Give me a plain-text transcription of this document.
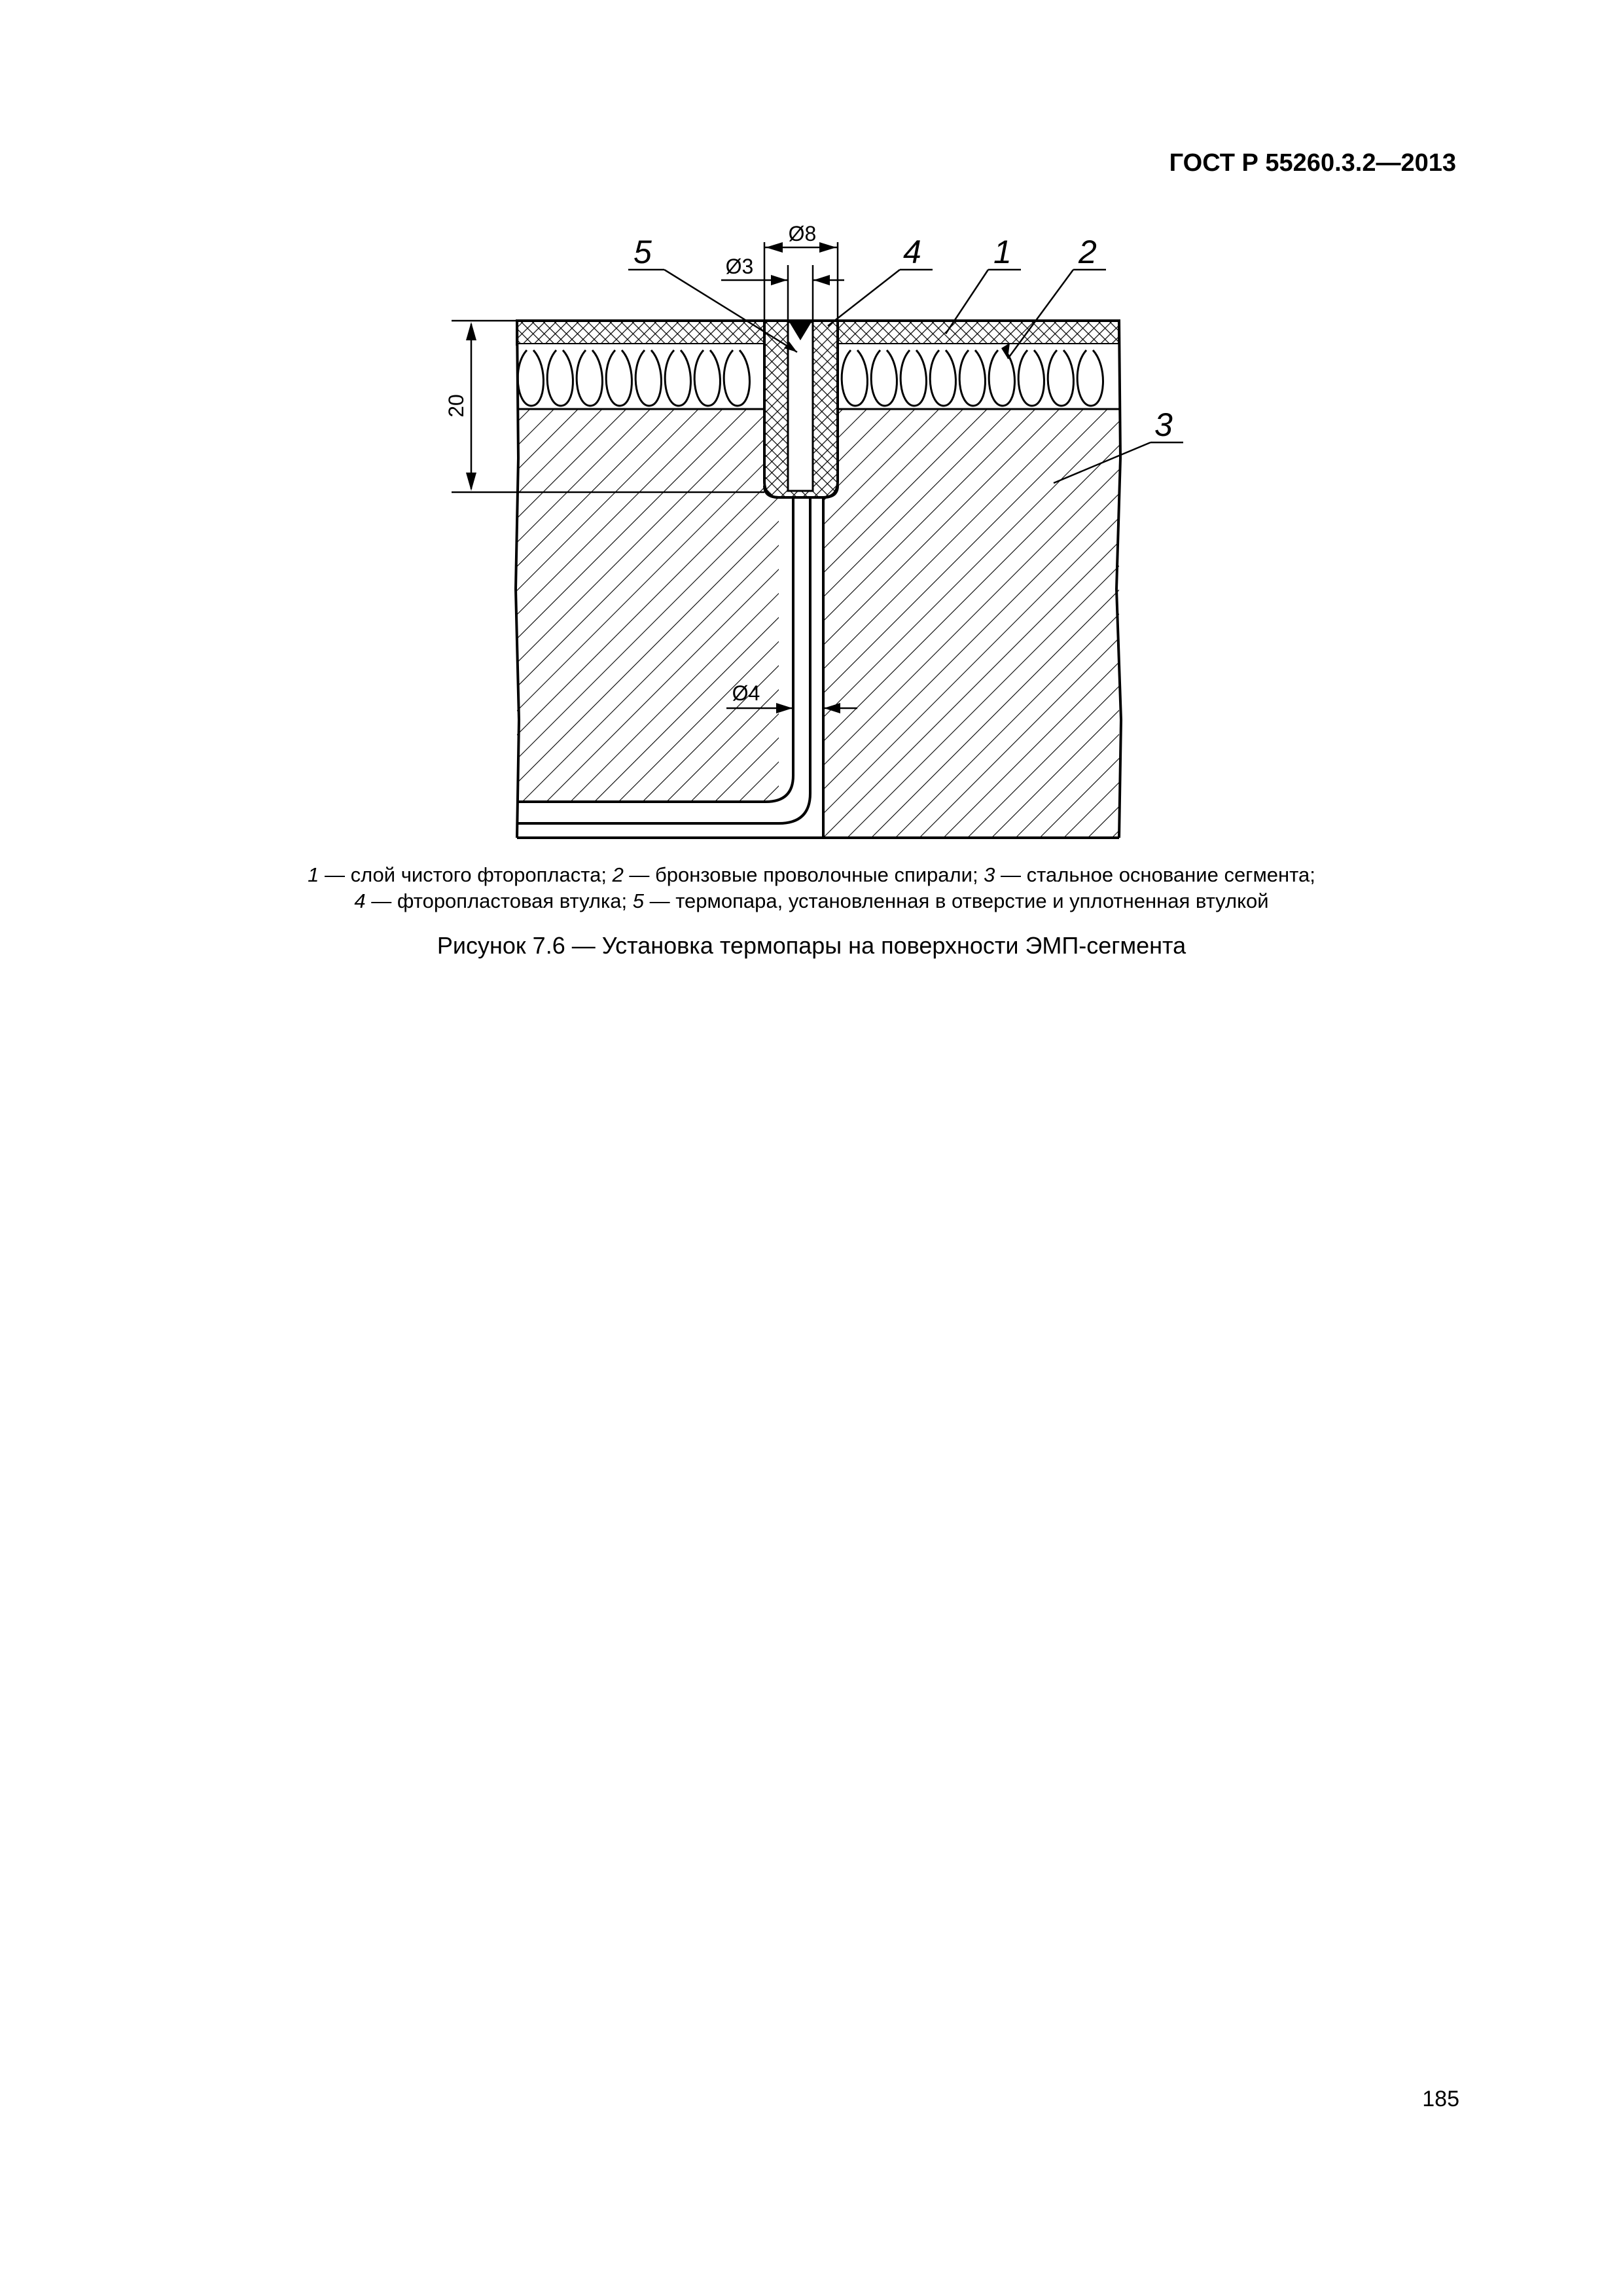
ГОСТ Р 55260.3.2—2013
20
Ø8
Ø3
Ø4
5	4 1 2
3
1 — слой чистого фторопласта; 2 — бронзовые проволочные спирали; 3 — стальное основание сегмента;
4 — фторопластовая втулка; 5 — термопара, установленная в отверстие и уплотненная втулкой
Рисунок 7.6 — Установка термопары на поверхности ЭМП-сегмента
185
